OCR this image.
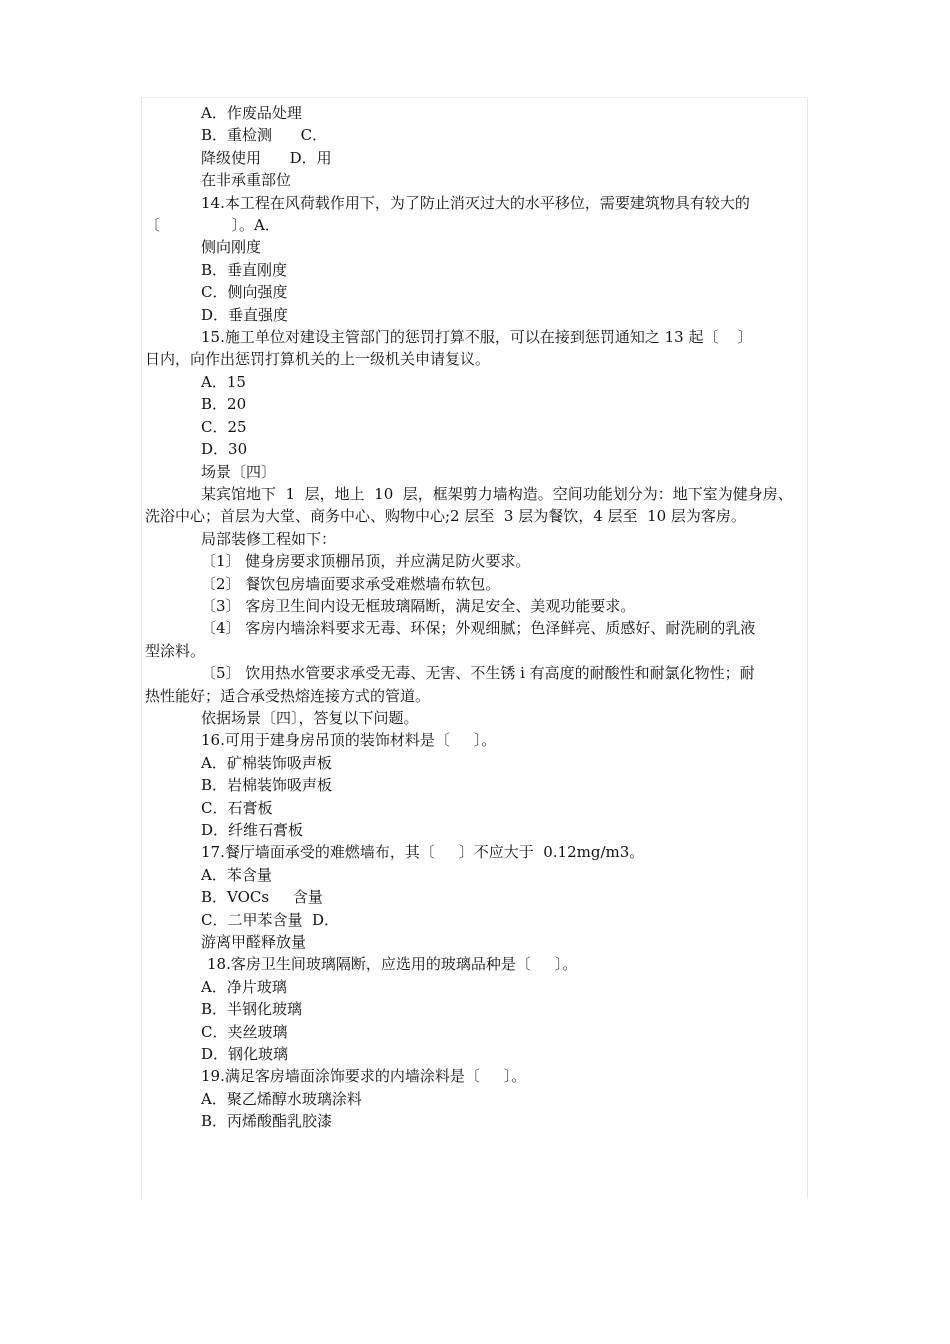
A．作废品处理

B．重检测      C．

降级使用      D．用

在非承重部位

14.本工程在风荷载作用下，为了防止消灭过大的水平移位，需要建筑物具有较大的

〔               〕。A．

侧向刚度

B．垂直刚度

C．侧向强度

D．垂直强度

15.施工单位对建设主管部门的惩罚打算不服，可以在接到惩罚通知之 13 起〔    〕

日内，向作出惩罚打算机关的上一级机关申请复议。

A．15

B．20

C．25

D．30

场景〔四〕

某宾馆地下  1  层，地上  10  层，框架剪力墙构造。空间功能划分为：地下室为健身房、

洗浴中心；首层为大堂、商务中心、购物中心;2 层至  3 层为餐饮，4 层至  10 层为客房。

局部装修工程如下：

〔1〕 健身房要求顶棚吊顶，并应满足防火要求。

〔2〕 餐饮包房墙面要求承受难燃墙布软包。

〔3〕 客房卫生间内设无框玻璃隔断，满足安全、美观功能要求。

〔4〕 客房内墙涂料要求无毒、环保；外观细腻；色泽鲜亮、质感好、耐洗刷的乳液

型涂料。

〔5〕 饮用热水管要求承受无毒、无害、不生锈 i 有高度的耐酸性和耐氯化物性；耐

热性能好；适合承受热熔连接方式的管道。

依据场景〔四〕，答复以下问题。

16.可用于建身房吊顶的装饰材料是〔     〕。

A．矿棉装饰吸声板

B．岩棉装饰吸声板

C．石膏板

D．纤维石膏板

17.餐厅墙面承受的难燃墙布，其〔     〕不应大于  0.12mg/m3。

A．苯含量

B．VOCs     含量

C．二甲苯含量  D．

游离甲醛释放量

18.客房卫生间玻璃隔断，应选用的玻璃品种是〔     〕。

A．净片玻璃

B．半钢化玻璃

C．夹丝玻璃

D．钢化玻璃

19.满足客房墙面涂饰要求的内墙涂料是〔     〕。

A．聚乙烯醇水玻璃涂料

B．丙烯酸酯乳胶漆
